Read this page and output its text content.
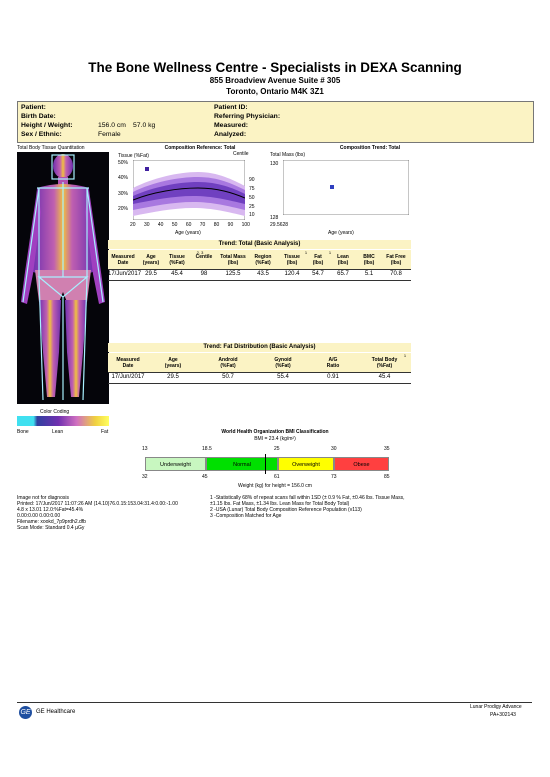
The Bone Wellness Centre - Specialists in DEXA Scanning
855 Broadview Avenue Suite # 305
Toronto, Ontario M4K 3Z1
Patient:
Birth Date:
Height / Weight:	156.0 cm 57.0 kg
Sex / Ethnic:	Female
Patient ID:
Referring Physician:
Measured:
Analyzed:
Total Body Tissue Quantitation
Color Coding
Bone	Lean	Fat
Composition Reference: Total
Tissue (%Fat)	Centile
50%
40%
30%
20%
90
75
50
25
10
20 30 40 50 60 70 80 90 100
Age (years)
Composition Trend: Total
Total Mass (lbs)
130
128
29.5628
Age (years)
Trend: Total (Basic Analysis)
Measured
Date
Age
(years)
Tissue
(%Fat)
Centile	Total Mass
(lbs)
Region
(%Fat)
Tissue
(lbs)
Fat
(lbs)
Lean
(lbs)
BMC
(lbs)
Fat Free
(lbs)
2, 3	1	1
17/Jun/2017 29.5	45.4	98	125.5	43.5	120.4	54.7	65.7	5.1	70.8
Trend: Fat Distribution (Basic Analysis)
Measured
Date
Age
(years)
Android
(%Fat)
Gynoid
(%Fat)
A/G
Ratio
Total Body
(%Fat)
1
17/Jun/2017	29.5	50.7	55.4	0.91	45.4
World Health Organization BMI Classification
BMI = 23.4 (kg/m²)
13	18.5	25	30	35
Underweight	Normal	Overweight	Obese
32	45	61	73	85
Weight (kg) for height = 156.0 cm
Image not for diagnosis
Printed: 17/Jun/2017 11:07:26 AM (14.10)76.0.15:153.04:31.4:0.00:-1.00
4.8 x 13.01 12.0:%Fat=45.4%
0.00:0.00 0.00:0.00
Filename: xookd_7p9prdh2.dfb
Scan Mode: Standard 0.4 µGy
1 -Statistically 68% of repeat scans fall within 1SD (± 0.9 % Fat, ±0.46 lbs. Tissue Mass,
±1.15 lbs. Fat Mass, ±1.34 lbs. Lean Mass for Total Body Total)
2 -USA (Lunar) Total Body Composition Reference Population (v113)
3 -Composition Matched for Age
GE GE Healthcare
Lunar Prodigy Advance
PA+302143
